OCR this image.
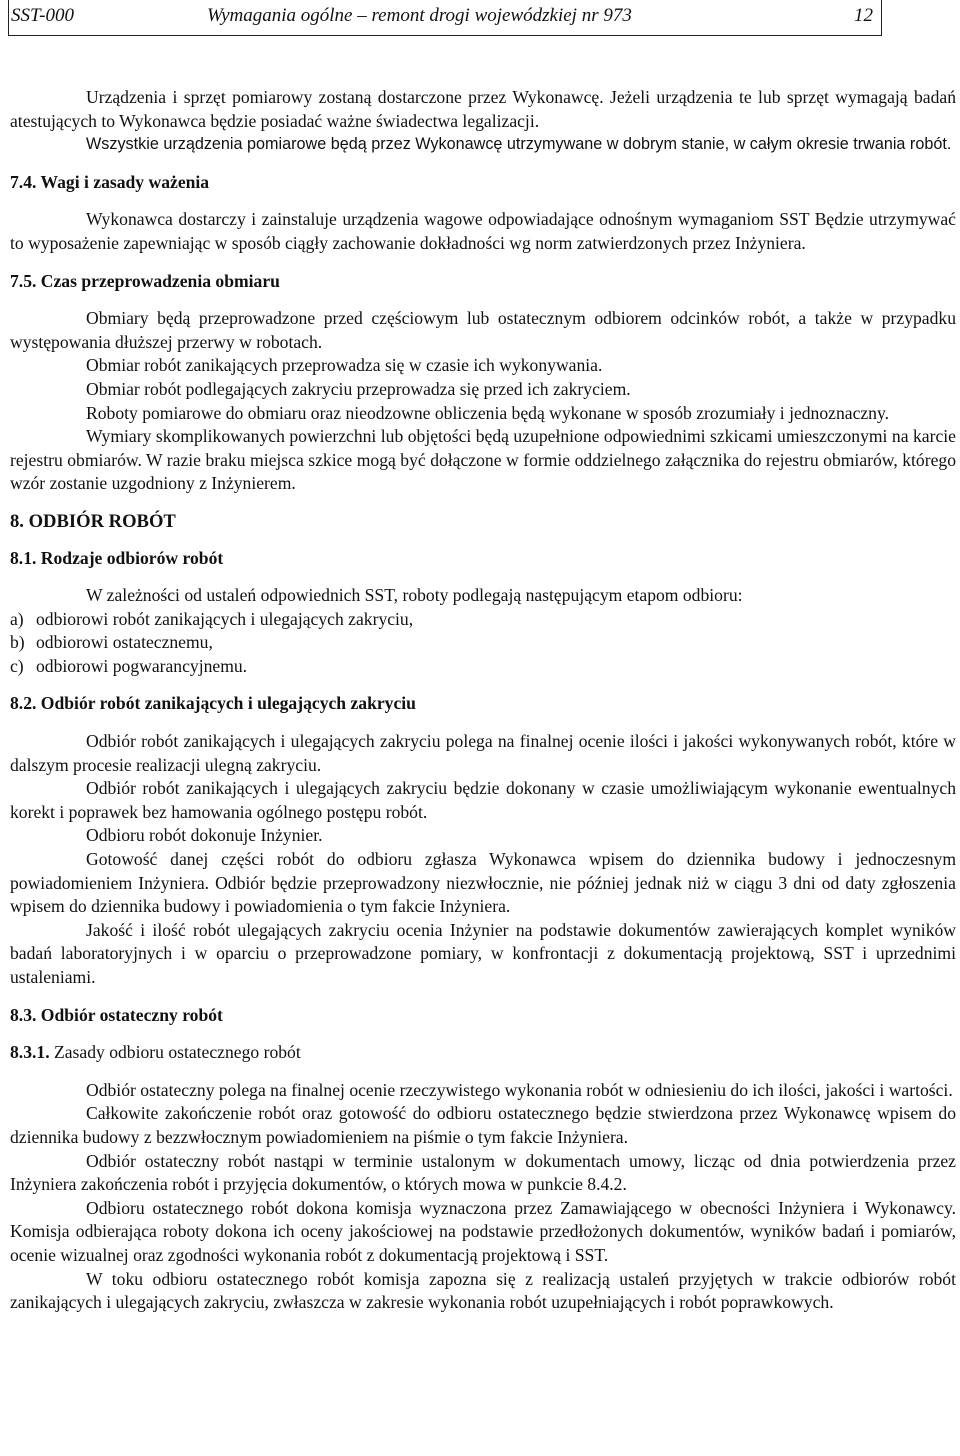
SST-000	Wymagania ogólne – remont drogi wojewódzkiej nr 973	12

Urządzenia i sprzęt pomiarowy zostaną dostarczone przez Wykonawcę. Jeżeli urządzenia te lub sprzęt wymagają badań atestujących to Wykonawca będzie posiadać ważne świadectwa legalizacji.

Wszystkie urządzenia pomiarowe będą przez Wykonawcę utrzymywane w dobrym stanie, w całym okresie trwania robót.

7.4. Wagi i zasady ważenia

Wykonawca dostarczy i zainstaluje urządzenia wagowe odpowiadające odnośnym wymaganiom SST Będzie utrzymywać to wyposażenie zapewniając w sposób ciągły zachowanie dokładności wg norm zatwierdzonych przez Inżyniera.

7.5. Czas przeprowadzenia obmiaru

Obmiary będą przeprowadzone przed częściowym lub ostatecznym odbiorem odcinków robót, a także w przypadku występowania dłuższej przerwy w robotach.

Obmiar robót zanikających przeprowadza się w czasie ich wykonywania.

Obmiar robót podlegających zakryciu przeprowadza się przed ich zakryciem.

Roboty pomiarowe do obmiaru oraz nieodzowne obliczenia będą wykonane w sposób zrozumiały i jednoznaczny.

Wymiary skomplikowanych powierzchni lub objętości będą uzupełnione odpowiednimi szkicami umieszczonymi na karcie rejestru obmiarów. W razie braku miejsca szkice mogą być dołączone w formie oddzielnego załącznika do rejestru obmiarów, którego wzór zostanie uzgodniony z Inżynierem.

8. ODBIÓR ROBÓT
8.1. Rodzaje odbiorów robót

W zależności od ustaleń odpowiednich SST, roboty podlegają następującym etapom odbioru:

a) odbiorowi robót zanikających i ulegających zakryciu,
b) odbiorowi ostatecznemu,
c) odbiorowi pogwarancyjnemu.
8.2. Odbiór robót zanikających i ulegających zakryciu

Odbiór robót zanikających i ulegających zakryciu polega na finalnej ocenie ilości i jakości wykonywanych robót, które w dalszym procesie realizacji ulegną zakryciu.

Odbiór robót zanikających i ulegających zakryciu będzie dokonany w czasie umożliwiającym wykonanie ewentualnych korekt i poprawek bez hamowania ogólnego postępu robót.

Odbioru robót dokonuje Inżynier.

Gotowość danej części robót do odbioru zgłasza Wykonawca wpisem do dziennika budowy i jednoczesnym powiadomieniem Inżyniera. Odbiór będzie przeprowadzony niezwłocznie, nie później jednak niż w ciągu 3 dni od daty zgłoszenia wpisem do dziennika budowy i powiadomienia o tym fakcie Inżyniera.

Jakość i ilość robót ulegających zakryciu ocenia Inżynier na podstawie dokumentów zawierających komplet wyników badań laboratoryjnych i w oparciu o przeprowadzone pomiary, w konfrontacji z dokumentacją projektową, SST i uprzednimi ustaleniami.

8.3. Odbiór ostateczny robót
8.3.1. Zasady odbioru ostatecznego robót

Odbiór ostateczny polega na finalnej ocenie rzeczywistego wykonania robót w odniesieniu do ich ilości, jakości i wartości.

Całkowite zakończenie robót oraz gotowość do odbioru ostatecznego będzie stwierdzona przez Wykonawcę wpisem do dziennika budowy z bezzwłocznym powiadomieniem na piśmie o tym fakcie Inżyniera.

Odbiór ostateczny robót nastąpi w terminie ustalonym w dokumentach umowy, licząc od dnia potwierdzenia przez Inżyniera zakończenia robót i przyjęcia dokumentów, o których mowa w punkcie 8.4.2.

Odbioru ostatecznego robót dokona komisja wyznaczona przez Zamawiającego w obecności Inżyniera i Wykonawcy. Komisja odbierająca roboty dokona ich oceny jakościowej na podstawie przedłożonych dokumentów, wyników badań i pomiarów, ocenie wizualnej oraz zgodności wykonania robót z dokumentacją projektową i SST.

W toku odbioru ostatecznego robót komisja zapozna się z realizacją ustaleń przyjętych w trakcie odbiorów robót zanikających i ulegających zakryciu, zwłaszcza w zakresie wykonania robót uzupełniających i robót poprawkowych.
